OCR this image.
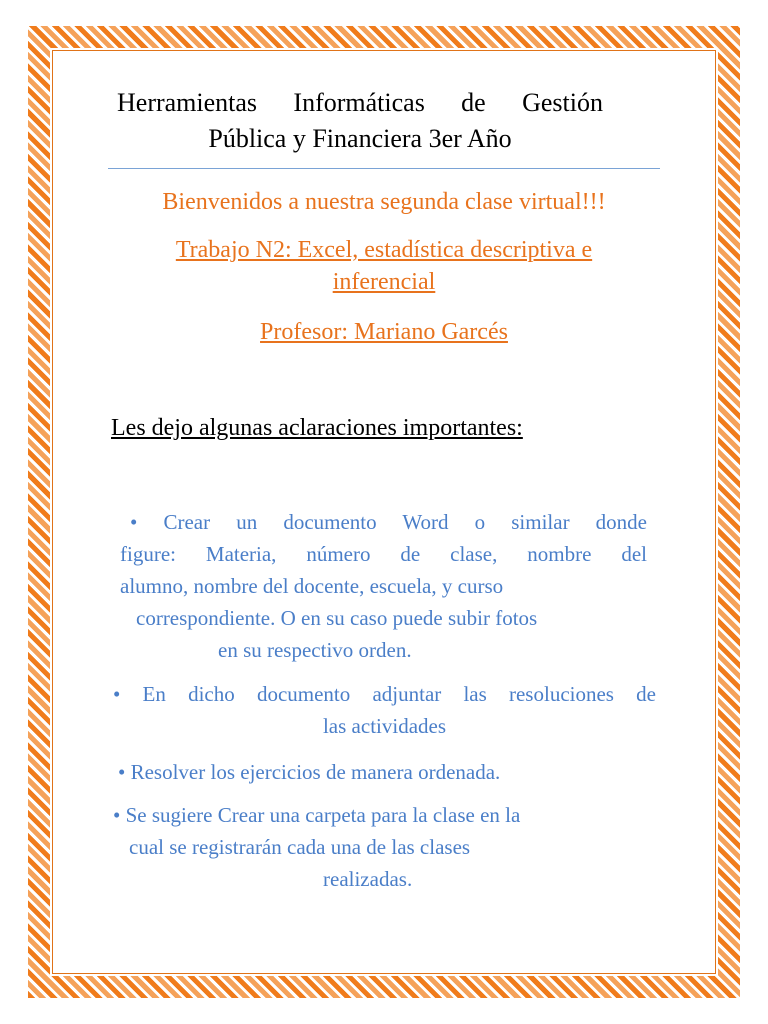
Herramientas Informáticas de Gestión
Pública y Financiera 3er Año
Bienvenidos a nuestra segunda clase virtual!!!
Trabajo N2: Excel, estadística descriptiva e
inferencial
Profesor: Mariano Garcés
Les dejo algunas aclaraciones importantes:
• Crear un documento Word o similar donde
figure: Materia, número de clase, nombre del
alumno, nombre del docente, escuela, y curso
correspondiente. O en su caso puede subir fotos
en su respectivo orden.
• En dicho documento adjuntar las resoluciones de
las actividades
• Resolver los ejercicios de manera ordenada.
• Se sugiere Crear una carpeta para la clase en la
cual se registrarán cada una de las clases
realizadas.
